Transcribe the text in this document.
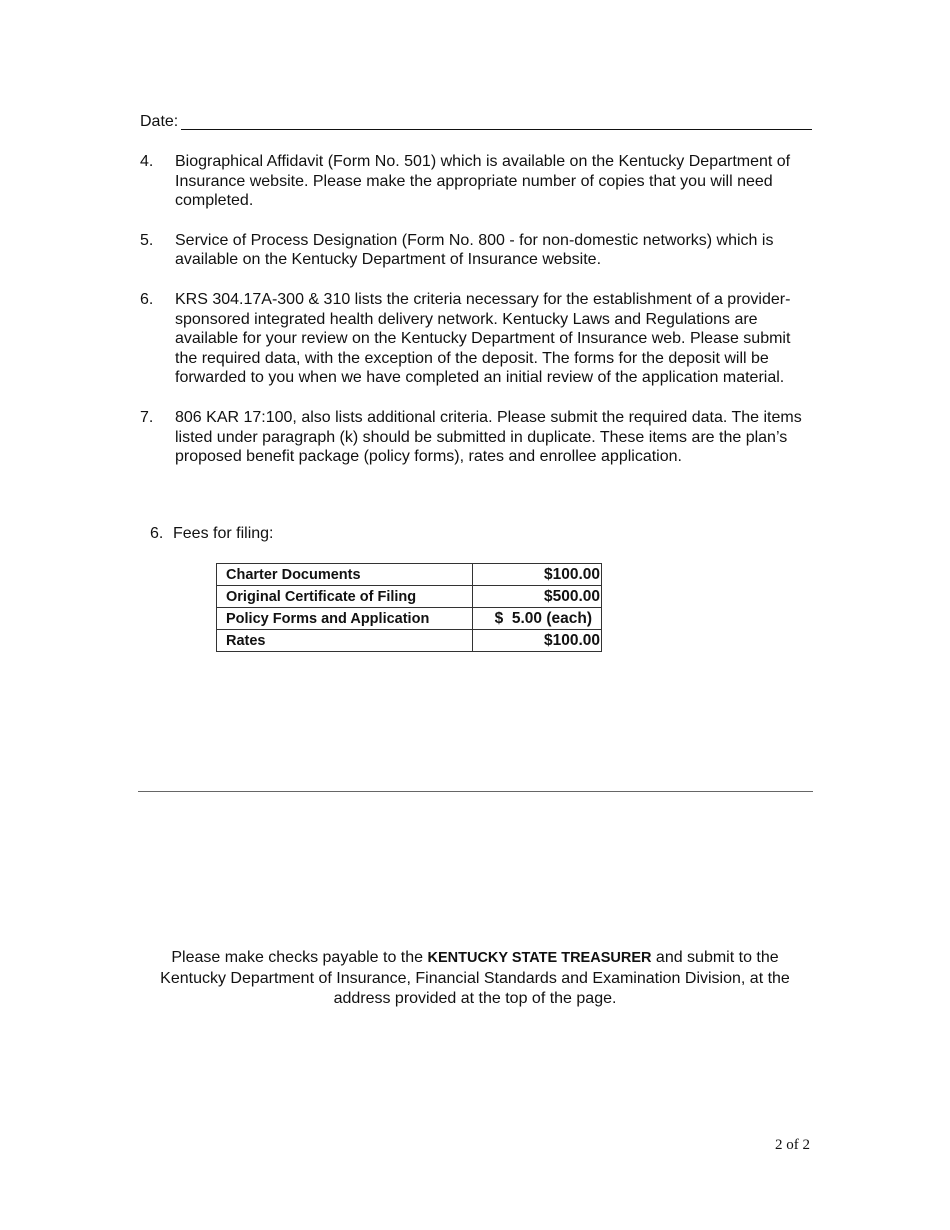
Date:
4. Biographical Affidavit (Form No. 501) which is available on the Kentucky Department of Insurance website. Please make the appropriate number of copies that you will need completed.
5. Service of Process Designation (Form No. 800 - for non-domestic networks) which is available on the Kentucky Department of Insurance website.
6. KRS 304.17A-300 & 310 lists the criteria necessary for the establishment of a provider-sponsored integrated health delivery network. Kentucky Laws and Regulations are available for your review on the Kentucky Department of Insurance web. Please submit the required data, with the exception of the deposit. The forms for the deposit will be forwarded to you when we have completed an initial review of the application material.
7. 806 KAR 17:100, also lists additional criteria. Please submit the required data. The items listed under paragraph (k) should be submitted in duplicate. These items are the plan’s proposed benefit package (policy forms), rates and enrollee application.
6. Fees for filing:
Charter Documents	$100.00
Original Certificate of Filing	$500.00
Policy Forms and Application	$  5.00 (each)
Rates	$100.00
Please make checks payable to the KENTUCKY STATE TREASURER and submit to the Kentucky Department of Insurance, Financial Standards and Examination Division, at the address provided at the top of the page.
2 of 2
